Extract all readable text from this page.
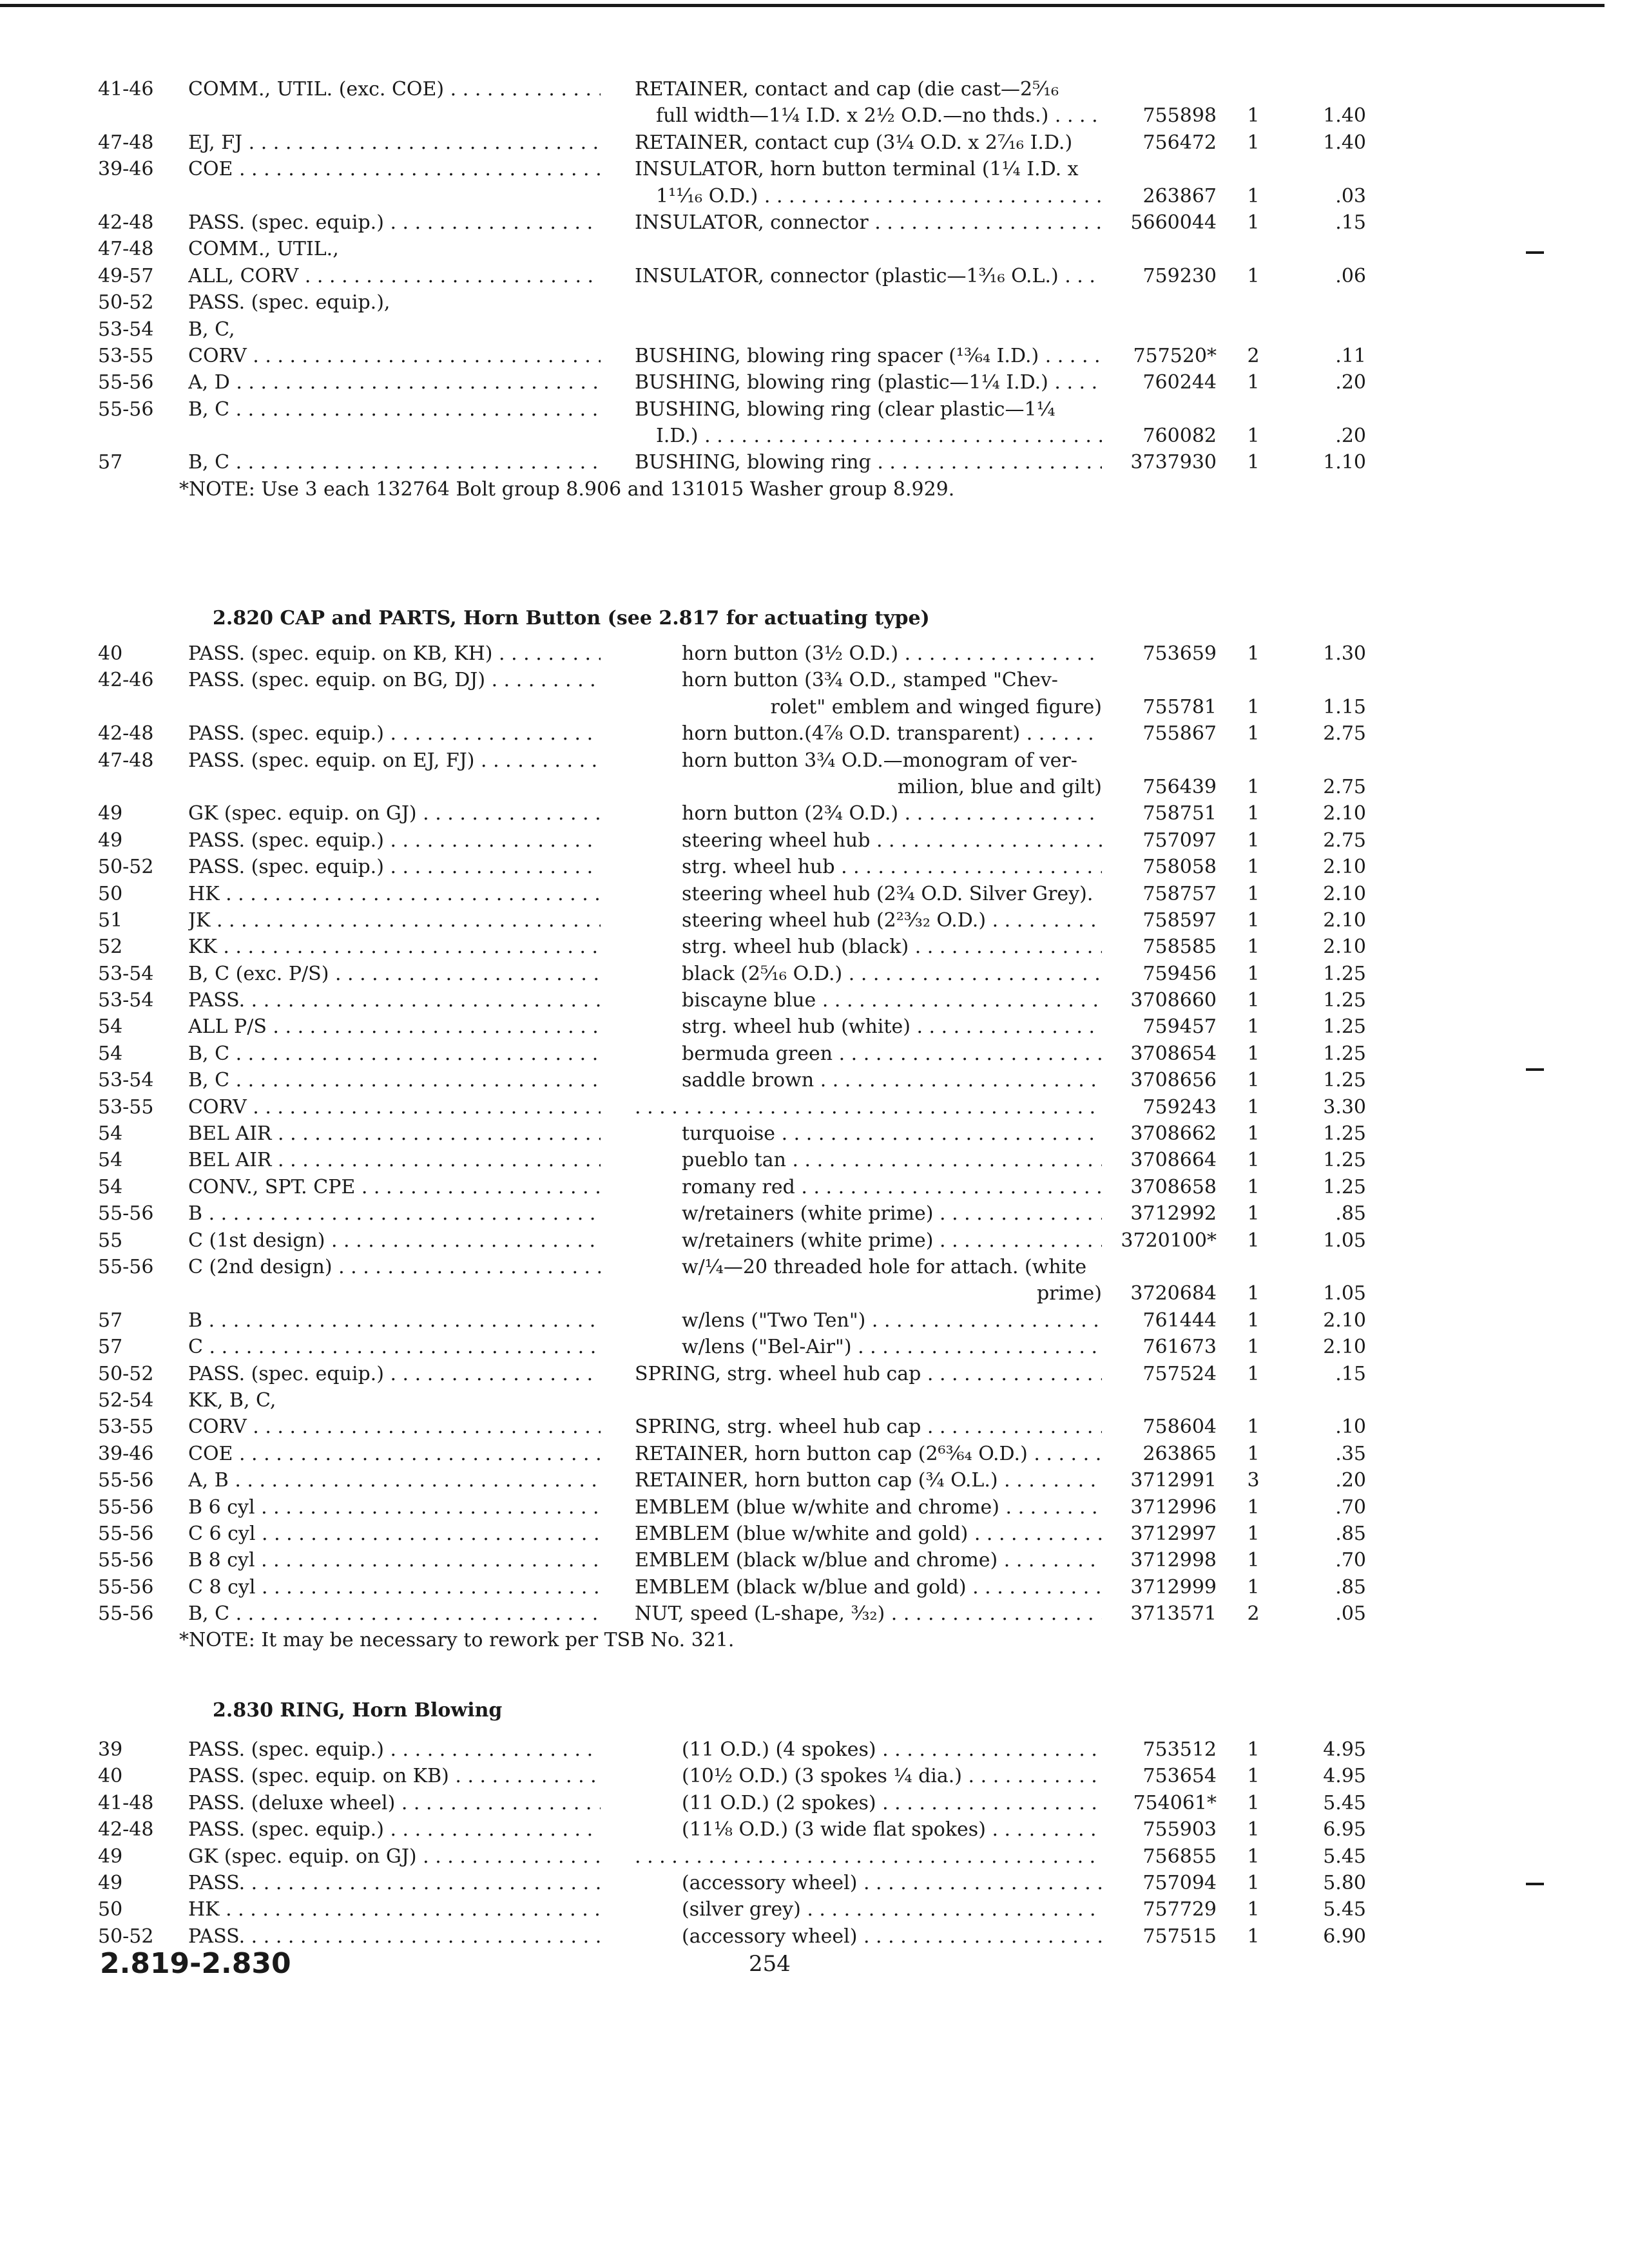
41-46	COMM., UTIL. (exc. COE) . . .	RETAINER, contact and cap (die cast—2⁵⁄₁₆
full width—1¼ I.D. x 2½ O.D.—no thds.) . . .	755898	1	1.40
47-48	EJ, FJ . . .	RETAINER, contact cup (3¼ O.D. x 2⁷⁄₁₆ I.D.)	756472	1	1.40
39-46	COE . . .	INSULATOR, horn button terminal (1¼ I.D. x
1¹¹⁄₁₆ O.D.) . . .	263867	1	.03
42-48	PASS. (spec. equip.) . . .	INSULATOR, connector . . .	5660044	1	.15
47-48	COMM., UTIL.,
49-57	ALL, CORV . . .	INSULATOR, connector (plastic—1³⁄₁₆ O.L.) . . .	759230	1	.06
50-52	PASS. (spec. equip.),
53-54	B, C,
53-55	CORV . . .	BUSHING, blowing ring spacer (¹³⁄₆₄ I.D.) . . .	757520*	2	.11
55-56	A, D . . .	BUSHING, blowing ring (plastic—1¼ I.D.) . . .	760244	1	.20
55-56	B, C . . .	BUSHING, blowing ring (clear plastic—1¼
I.D.) . . .	760082	1	.20
57	B, C . . .	BUSHING, blowing ring . . .	3737930	1	1.10
*NOTE: Use 3 each 132764 Bolt group 8.906 and 131015 Washer group 8.929.
2.820 CAP and PARTS, Horn Button (see 2.817 for actuating type)
40	PASS. (spec. equip. on KB, KH) . . .	horn button (3½ O.D.) . . .	753659	1	1.30
42-46	PASS. (spec. equip. on BG, DJ) . . .	horn button (3¾ O.D., stamped "Chev-
rolet" emblem and winged figure)	755781	1	1.15
42-48	PASS. (spec. equip.) . . .	horn button.(4⅞ O.D. transparent) . . .	755867	1	2.75
47-48	PASS. (spec. equip. on EJ, FJ) . . .	horn button 3¾ O.D.—monogram of ver-
milion, blue and gilt)	756439	1	2.75
49	GK (spec. equip. on GJ) . . .	horn button (2¾ O.D.) . . .	758751	1	2.10
49	PASS. (spec. equip.) . . .	steering wheel hub . . .	757097	1	2.75
50-52	PASS. (spec. equip.) . . .	strg. wheel hub . . .	758058	1	2.10
50	HK . . .	steering wheel hub (2¾ O.D. Silver Grey).	758757	1	2.10
51	JK . . .	steering wheel hub (2²³⁄₃₂ O.D.) . . .	758597	1	2.10
52	KK . . .	strg. wheel hub (black) . . .	758585	1	2.10
53-54	B, C (exc. P/S) . . .	black (2⁵⁄₁₆ O.D.) . . .	759456	1	1.25
53-54	PASS. . . .	biscayne blue . . .	3708660	1	1.25
54	ALL P/S . . .	strg. wheel hub (white) . . .	759457	1	1.25
54	B, C . . .	bermuda green . . .	3708654	1	1.25
53-54	B, C . . .	saddle brown . . .	3708656	1	1.25
53-55	CORV . . . . . .	759243	1	3.30
54	BEL AIR . . .	turquoise . . .	3708662	1	1.25
54	BEL AIR . . .	pueblo tan . . .	3708664	1	1.25
54	CONV., SPT. CPE . . .	romany red . . .	3708658	1	1.25
55-56	B . . .	w/retainers (white prime) . . .	3712992	1	.85
55	C (1st design) . . .	w/retainers (white prime) . . .	3720100*	1	1.05
55-56	C (2nd design) . . .	w/¼—20 threaded hole for attach. (white
prime)	3720684	1	1.05
57	B . . .	w/lens ("Two Ten") . . .	761444	1	2.10
57	C . . .	w/lens ("Bel-Air") . . .	761673	1	2.10
50-52	PASS. (spec. equip.) . . .	SPRING, strg. wheel hub cap . . .	757524	1	.15
52-54	KK, B, C,
53-55	CORV . . .	SPRING, strg. wheel hub cap . . .	758604	1	.10
39-46	COE . . .	RETAINER, horn button cap (2⁶³⁄₆₄ O.D.) . . .	263865	1	.35
55-56	A, B . . .	RETAINER, horn button cap (¾ O.L.) . . .	3712991	3	.20
55-56	B 6 cyl . . .	EMBLEM (blue w/white and chrome) . . .	3712996	1	.70
55-56	C 6 cyl . . .	EMBLEM (blue w/white and gold) . . .	3712997	1	.85
55-56	B 8 cyl . . .	EMBLEM (black w/blue and chrome) . . .	3712998	1	.70
55-56	C 8 cyl . . .	EMBLEM (black w/blue and gold) . . .	3712999	1	.85
55-56	B, C . . .	NUT, speed (L-shape, ³⁄₃₂) . . .	3713571	2	.05
*NOTE: It may be necessary to rework per TSB No. 321.
2.830 RING, Horn Blowing
39	PASS. (spec. equip.) . . .	(11 O.D.) (4 spokes) . . .	753512	1	4.95
40	PASS. (spec. equip. on KB) . . .	(10½ O.D.) (3 spokes ¼ dia.) . . .	753654	1	4.95
41-48	PASS. (deluxe wheel) . . .	(11 O.D.) (2 spokes) . . .	754061*	1	5.45
42-48	PASS. (spec. equip.) . . .	(11⅛ O.D.) (3 wide flat spokes) . . .	755903	1	6.95
49	GK (spec. equip. on GJ) . . . . . .	756855	1	5.45
49	PASS. . . .	(accessory wheel) . . .	757094	1	5.80
50	HK . . .	(silver grey) . . .	757729	1	5.45
50-52	PASS. . . .	(accessory wheel) . . .	757515	1	6.90
2.819-2.830	254
